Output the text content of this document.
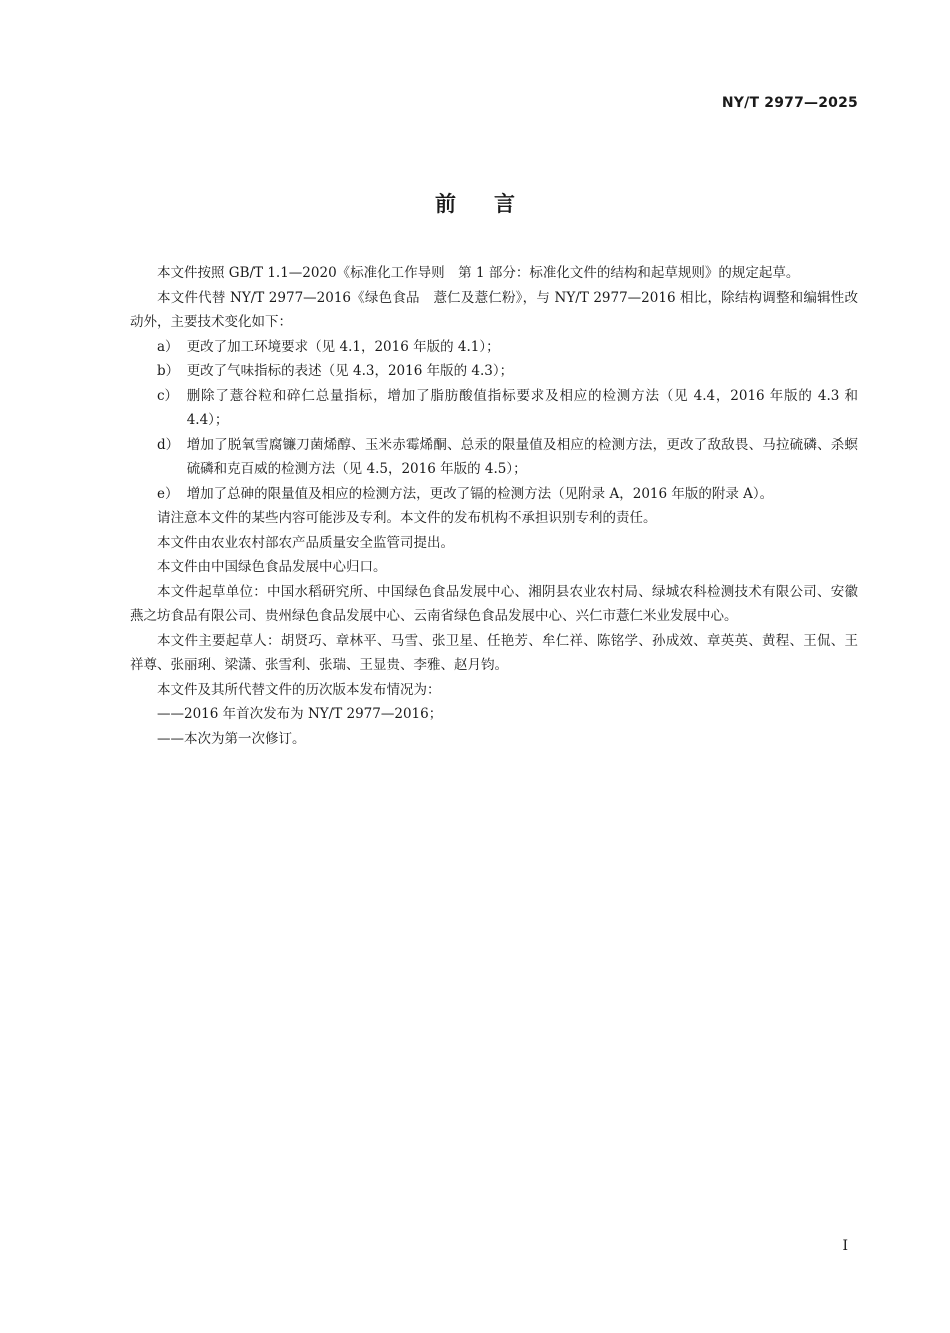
NY/T 2977—2025
前言

本文件按照 GB/T 1.1—2020《标准化工作导则　第 1 部分：标准化文件的结构和起草规则》的规定起草。

本文件代替 NY/T 2977—2016《绿色食品　薏仁及薏仁粉》，与 NY/T 2977—2016 相比，除结构调整和编辑性改动外，主要技术变化如下：

a） 更改了加工环境要求（见 4.1，2016 年版的 4.1）；
b） 更改了气味指标的表述（见 4.3，2016 年版的 4.3）；
c） 删除了薏谷粒和碎仁总量指标，增加了脂肪酸值指标要求及相应的检测方法（见 4.4，2016 年版的 4.3 和 4.4）；
d） 增加了脱氧雪腐镰刀菌烯醇、玉米赤霉烯酮、总汞的限量值及相应的检测方法，更改了敌敌畏、马拉硫磷、杀螟硫磷和克百威的检测方法（见 4.5，2016 年版的 4.5）；
e） 增加了总砷的限量值及相应的检测方法，更改了镉的检测方法（见附录 A，2016 年版的附录 A）。

请注意本文件的某些内容可能涉及专利。本文件的发布机构不承担识别专利的责任。

本文件由农业农村部农产品质量安全监管司提出。

本文件由中国绿色食品发展中心归口。

本文件起草单位：中国水稻研究所、中国绿色食品发展中心、湘阴县农业农村局、绿城农科检测技术有限公司、安徽燕之坊食品有限公司、贵州绿色食品发展中心、云南省绿色食品发展中心、兴仁市薏仁米业发展中心。

本文件主要起草人：胡贤巧、章林平、马雪、张卫星、任艳芳、牟仁祥、陈铭学、孙成效、章英英、黄程、王侃、王祥尊、张丽琍、梁潇、张雪利、张瑞、王显贵、李雅、赵月钧。

本文件及其所代替文件的历次版本发布情况为：

——2016 年首次发布为 NY/T 2977—2016；

——本次为第一次修订。

I
